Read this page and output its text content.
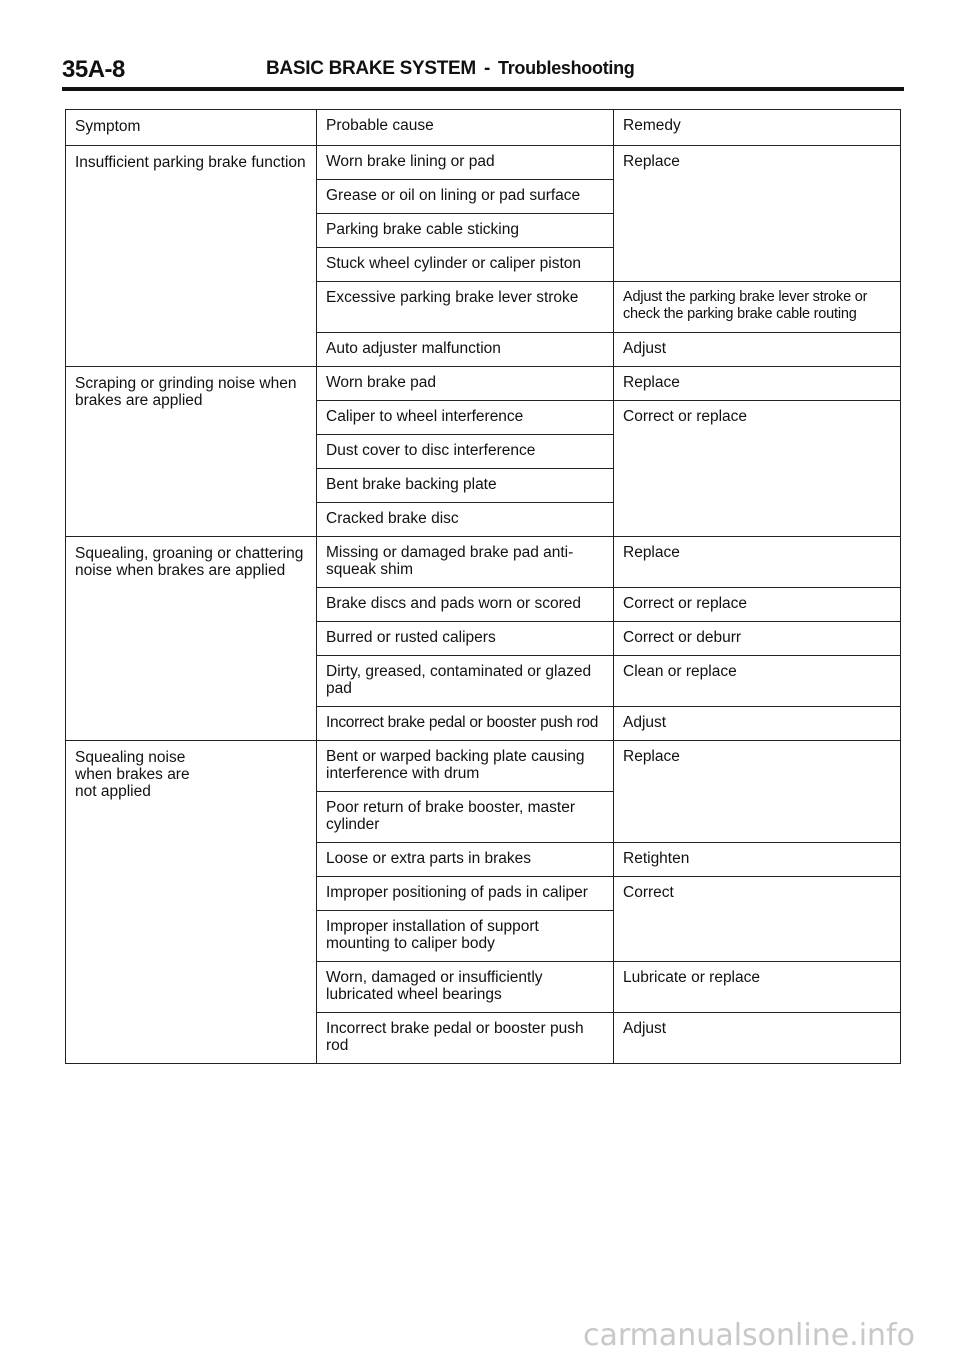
35A-8	BASIC BRAKE SYSTEM - Troubleshooting
Symptom	Probable cause	Remedy
Insufficient parking brake function	Worn brake lining or pad	Replace
	Grease or oil on lining or pad surface	
	Parking brake cable sticking	
	Stuck wheel cylinder or caliper piston	
	Excessive parking brake lever stroke	Adjust the parking brake lever stroke or check the parking brake cable routing
	Auto adjuster malfunction	Adjust
Scraping or grinding noise when brakes are applied	Worn brake pad	Replace
	Caliper to wheel interference	Correct or replace
	Dust cover to disc interference	
	Bent brake backing plate	
	Cracked brake disc	
Squealing, groaning or chattering noise when brakes are applied	Missing or damaged brake pad anti-squeak shim	Replace
	Brake discs and pads worn or scored	Correct or replace
	Burred or rusted calipers	Correct or deburr
	Dirty, greased, contaminated or glazed pad	Clean or replace
	Incorrect brake pedal or booster push rod	Adjust
Squealing noise when brakes are not applied	Bent or warped backing plate causing interference with drum	Replace
	Poor return of brake booster, master cylinder	
	Loose or extra parts in brakes	Retighten
	Improper positioning of pads in caliper	Correct
	Improper installation of support mounting to caliper body	
	Worn, damaged or insufficiently lubricated wheel bearings	Lubricate or replace
	Incorrect brake pedal or booster push rod	Adjust
carmanualsonline.info
